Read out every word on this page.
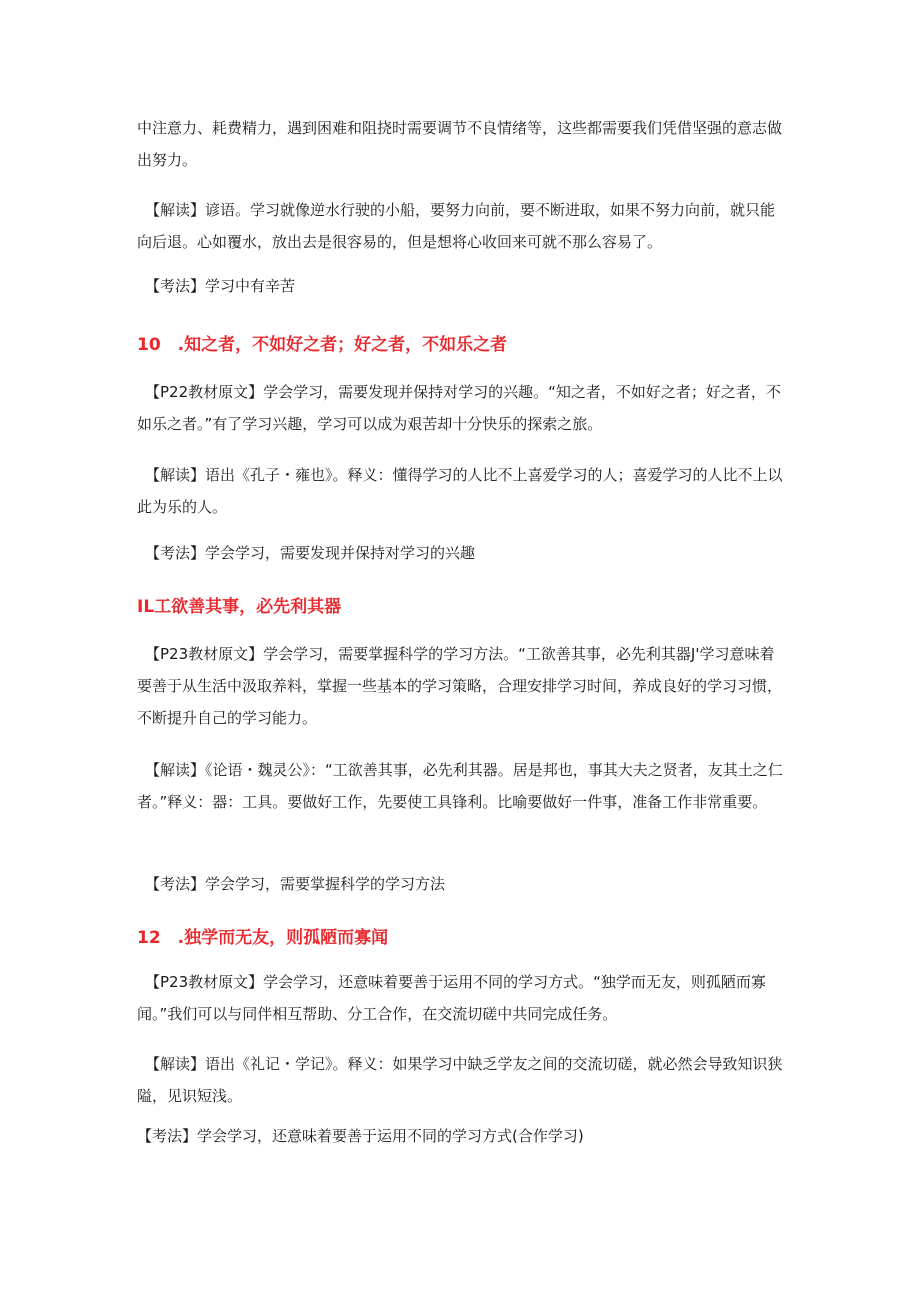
中注意力、耗费精力，遇到困难和阻挠时需要调节不良情绪等，这些都需要我们凭借坚强的意志做出努力。

【解读】谚语。学习就像逆水行驶的小船，要努力向前，要不断进取，如果不努力向前，就只能向后退。心如覆水，放出去是很容易的，但是想将心收回来可就不那么容易了。

【考法】学习中有辛苦

10　.知之者，不如好之者；好之者，不如乐之者

【P22教材原文】学会学习，需要发现并保持对学习的兴趣。“知之者，不如好之者；好之者，不如乐之者。”有了学习兴趣，学习可以成为艰苦却十分快乐的探索之旅。

【解读】语出《孔子・雍也》。释义：懂得学习的人比不上喜爱学习的人；喜爱学习的人比不上以此为乐的人。

【考法】学会学习，需要发现并保持对学习的兴趣

IL工欲善其事，必先利其器

【P23教材原文】学会学习，需要掌握科学的学习方法。“工欲善其事，必先利其器J'学习意味着要善于从生活中汲取养料，掌握一些基本的学习策略，合理安排学习时间，养成良好的学习习惯，不断提升自己的学习能力。

【解读】《论语・魏灵公》：“工欲善其事，必先利其器。居是邦也，事其大夫之贤者，友其土之仁者。”释义：器：工具。要做好工作，先要使工具锋利。比喻要做好一件事，准备工作非常重要。

【考法】学会学习，需要掌握科学的学习方法

12　.独学而无友，则孤陋而寡闻

【P23教材原文】学会学习，还意味着要善于运用不同的学习方式。“独学而无友，则孤陋而寡闻。”我们可以与同伴相互帮助、分工合作，在交流切磋中共同完成任务。

【解读】语出《礼记・学记》。释义：如果学习中缺乏学友之间的交流切磋，就必然会导致知识狭隘，见识短浅。

【考法】学会学习，还意味着要善于运用不同的学习方式(合作学习)
